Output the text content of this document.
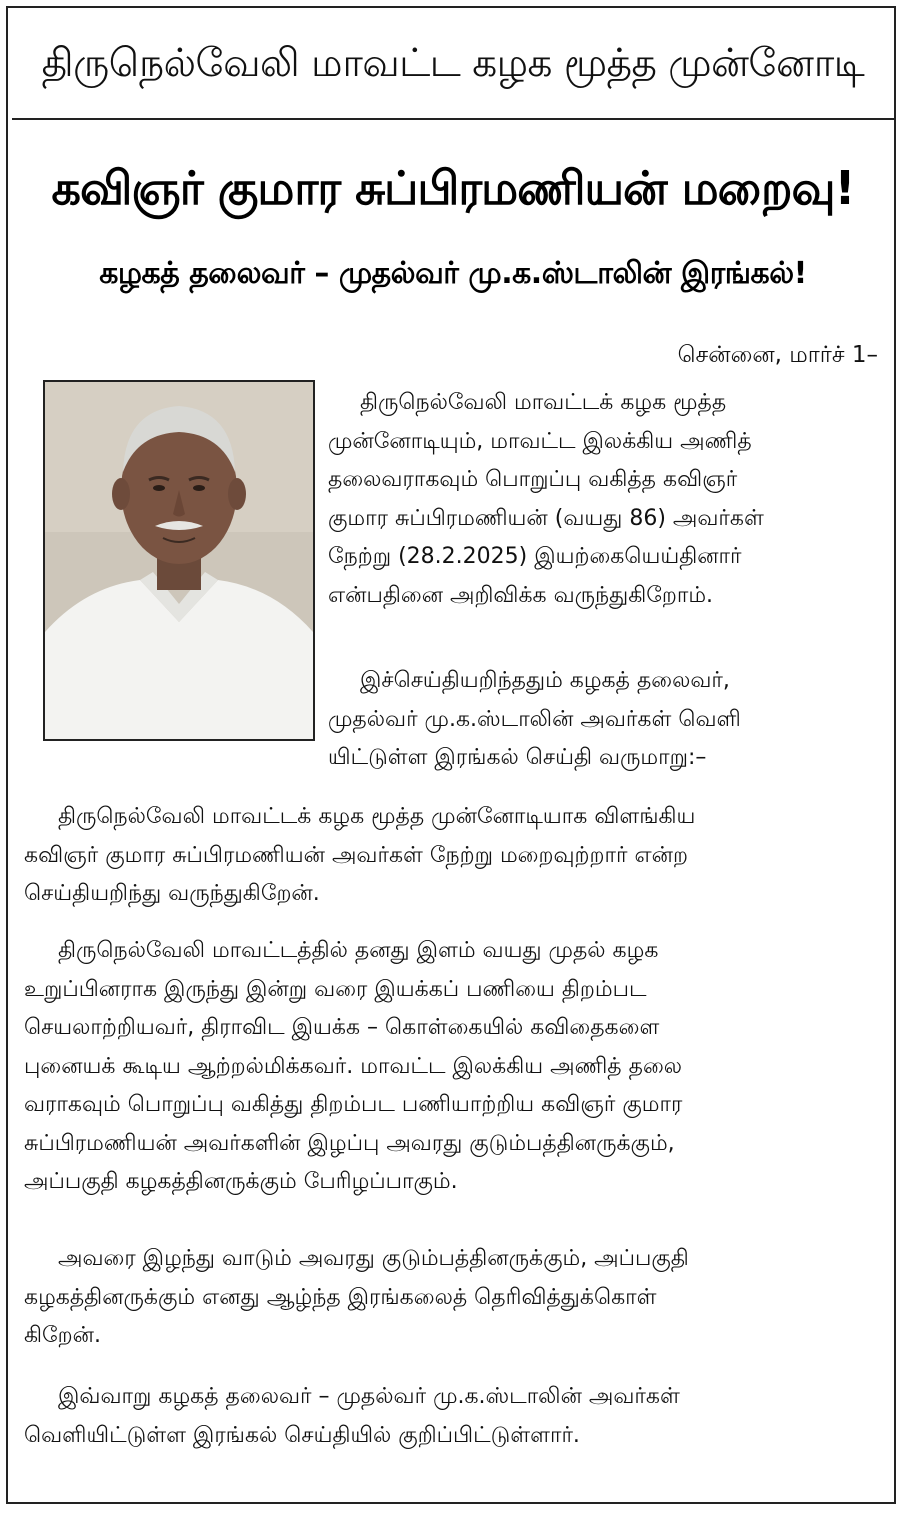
திருநெல்வேலி மாவட்ட கழக மூத்த முன்னோடி
கவிஞர் குமார சுப்பிரமணியன் மறைவு!
கழகத் தலைவர் – முதல்வர் மு.க.ஸ்டாலின் இரங்கல்!
சென்னை, மார்ச் 1–
திருநெல்வேலி மாவட்டக் கழக மூத்த
முன்னோடியும், மாவட்ட இலக்கிய அணித்
தலைவராகவும் பொறுப்பு வகித்த கவிஞர்
குமார சுப்பிரமணியன் (வயது 86) அவர்கள்
நேற்று (28.2.2025) இயற்கையெய்தினார்
என்பதினை அறிவிக்க வருந்துகிறோம்.
இச்செய்தியறிந்ததும் கழகத் தலைவர்,
முதல்வர் மு.க.ஸ்டாலின் அவர்கள் வெளி
யிட்டுள்ள இரங்கல் செய்தி வருமாறு:–
திருநெல்வேலி மாவட்டக் கழக மூத்த முன்னோடியாக விளங்கிய
கவிஞர் குமார சுப்பிரமணியன் அவர்கள் நேற்று மறைவுற்றார் என்ற
செய்தியறிந்து வருந்துகிறேன்.
திருநெல்வேலி மாவட்டத்தில் தனது இளம் வயது முதல் கழக
உறுப்பினராக இருந்து இன்று வரை இயக்கப் பணியை திறம்பட
செயலாற்றியவர், திராவிட இயக்க – கொள்கையில் கவிதைகளை
புனையக் கூடிய ஆற்றல்மிக்கவர். மாவட்ட இலக்கிய அணித் தலை
வராகவும் பொறுப்பு வகித்து திறம்பட பணியாற்றிய கவிஞர் குமார
சுப்பிரமணியன் அவர்களின் இழப்பு அவரது குடும்பத்தினருக்கும்,
அப்பகுதி கழகத்தினருக்கும் பேரிழப்பாகும்.
அவரை இழந்து வாடும் அவரது குடும்பத்தினருக்கும், அப்பகுதி
கழகத்தினருக்கும் எனது ஆழ்ந்த இரங்கலைத் தெரிவித்துக்கொள்
கிறேன்.
இவ்வாறு கழகத் தலைவர் – முதல்வர் மு.க.ஸ்டாலின் அவர்கள்
வெளியிட்டுள்ள இரங்கல் செய்தியில் குறிப்பிட்டுள்ளார்.
